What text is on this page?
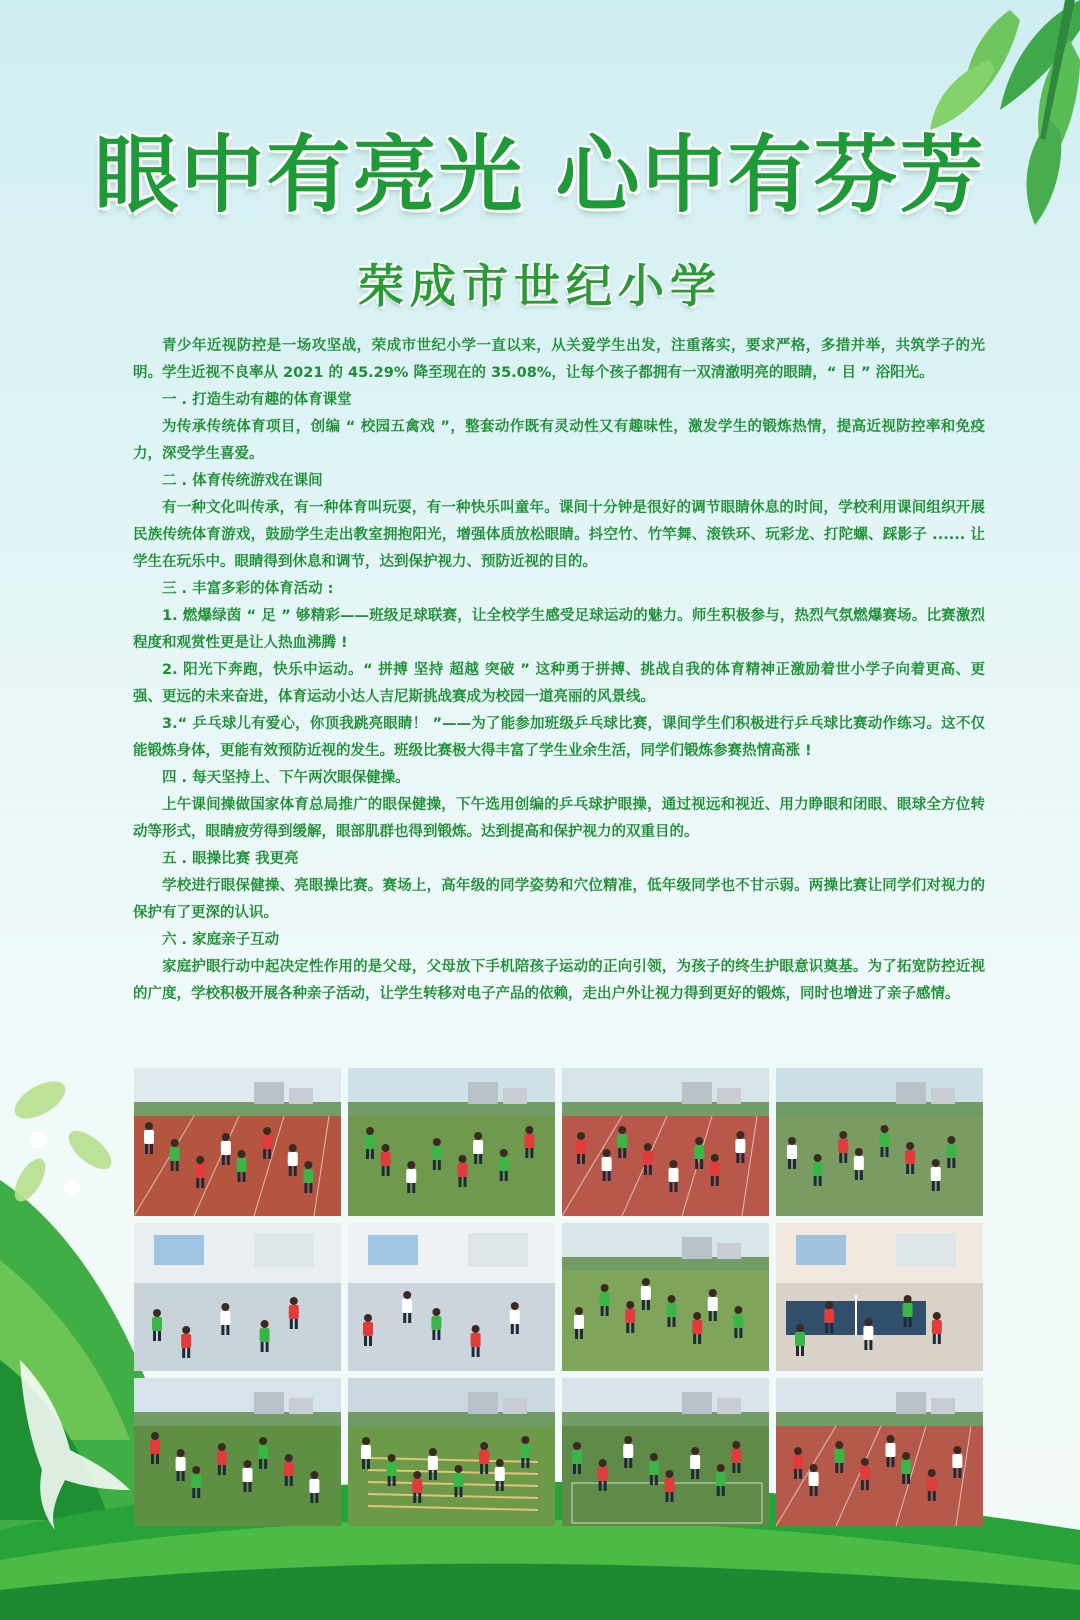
眼中有亮光 心中有芬芳
荣成市世纪小学

青少年近视防控是一场攻坚战，荣成市世纪小学一直以来，从关爱学生出发，注重落实，要求严格，多措并举，共筑学子的光明。学生近视不良率从 2021 的 45.29% 降至现在的 35.08%，让每个孩子都拥有一双清澈明亮的眼睛，“ 目 ” 浴阳光。

一 . 打造生动有趣的体育课堂

为传承传统体育项目，创编 “ 校园五禽戏 ”，整套动作既有灵动性又有趣味性，激发学生的锻炼热情，提高近视防控率和免疫力，深受学生喜爱。

二 . 体育传统游戏在课间

有一种文化叫传承，有一种体育叫玩耍，有一种快乐叫童年。课间十分钟是很好的调节眼睛休息的时间，学校利用课间组织开展民族传统体育游戏，鼓励学生走出教室拥抱阳光，增强体质放松眼睛。抖空竹、竹竿舞、滚铁环、玩彩龙、打陀螺、踩影子 ...... 让学生在玩乐中。眼睛得到休息和调节，达到保护视力、预防近视的目的。

三 . 丰富多彩的体育活动 :

1. 燃爆绿茵 “ 足 ” 够精彩——班级足球联赛，让全校学生感受足球运动的魅力。师生积极参与，热烈气氛燃爆赛场。比赛激烈程度和观赏性更是让人热血沸腾 !

2. 阳光下奔跑，快乐中运动。“ 拼搏 坚持 超越 突破 ” 这种勇于拼搏、挑战自我的体育精神正激励着世小学子向着更高、更强、更远的未来奋进，体育运动小达人吉尼斯挑战赛成为校园一道亮丽的风景线。

3.“ 乒乓球儿有爱心，你顶我跳亮眼睛！ ”——为了能参加班级乒乓球比赛，课间学生们积极进行乒乓球比赛动作练习。这不仅能锻炼身体，更能有效预防近视的发生。班级比赛极大得丰富了学生业余生活，同学们锻炼参赛热情高涨 !

四 . 每天坚持上、下午两次眼保健操。

上午课间操做国家体育总局推广的眼保健操，下午选用创编的乒乓球护眼操，通过视远和视近、用力睁眼和闭眼、眼球全方位转动等形式，眼睛疲劳得到缓解，眼部肌群也得到锻炼。达到提高和保护视力的双重目的。

五 . 眼操比赛 我更亮

学校进行眼保健操、亮眼操比赛。赛场上，高年级的同学姿势和穴位精准，低年级同学也不甘示弱。两操比赛让同学们对视力的保护有了更深的认识。

六 . 家庭亲子互动

家庭护眼行动中起决定性作用的是父母，父母放下手机陪孩子运动的正向引领，为孩子的终生护眼意识奠基。为了拓宽防控近视的广度，学校积极开展各种亲子活动，让学生转移对电子产品的依赖，走出户外让视力得到更好的锻炼，同时也增进了亲子感情。
